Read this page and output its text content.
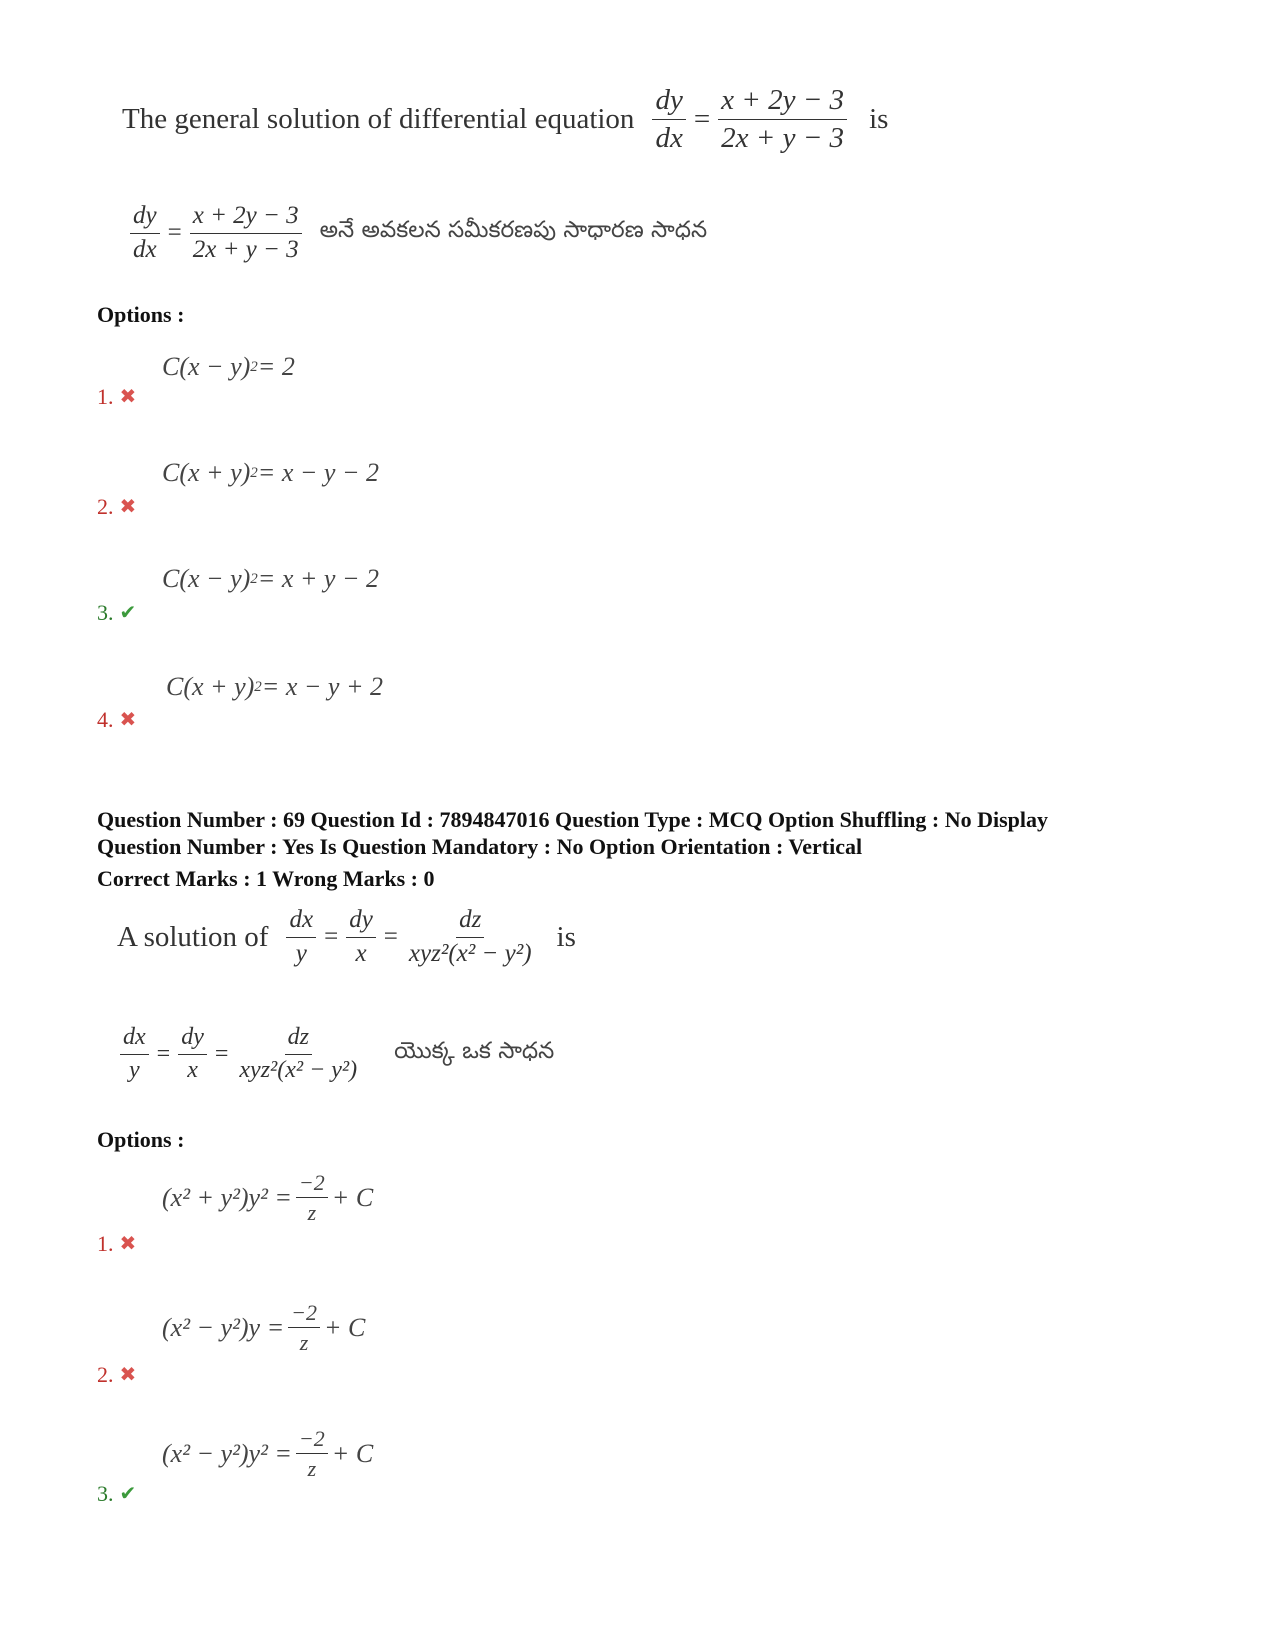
The general solution of differential equation $\frac{dy}{dx} = \frac{x + 2y - 3}{2x + y - 3}$ is
$\frac{dy}{dx} = \frac{x + 2y - 3}{2x + y - 3}$ అనే అవకలన సమీకరణపు సాధారణ సాధన
Options :
C(x − y) 2 = 2
1. ✖
C(x + y) 2 = x − y − 2
2. ✖
C(x − y) 2 = x + y − 2
3. ✔
C(x + y) 2 = x − y + 2
4. ✖
Question Number : 69 Question Id : 7894847016 Question Type : MCQ Option Shuffling : No Display
Question Number : Yes Is Question Mandatory : No Option Orientation : Vertical
Correct Marks : 1 Wrong Marks : 0
A solution of $\frac{dx}{y} = \frac{dy}{x} = \frac{dz}{\text{xyz²(x² − y²)}}$ is
$\frac{dx}{y} = \frac{dy}{x} = \frac{dz}{\text{xyz²(x² − y²)}}$ యొక్క ఒక సాధన
Options :
$(x^2 + y^2)y^2 = \frac{-2}{z} + C$
1. ✖
$(x^2 - y^2)y = \frac{-2}{z} + C$
2. ✖
$(x^2 - y^2)y^2 = \frac{-2}{z} + C$
3. ✔
